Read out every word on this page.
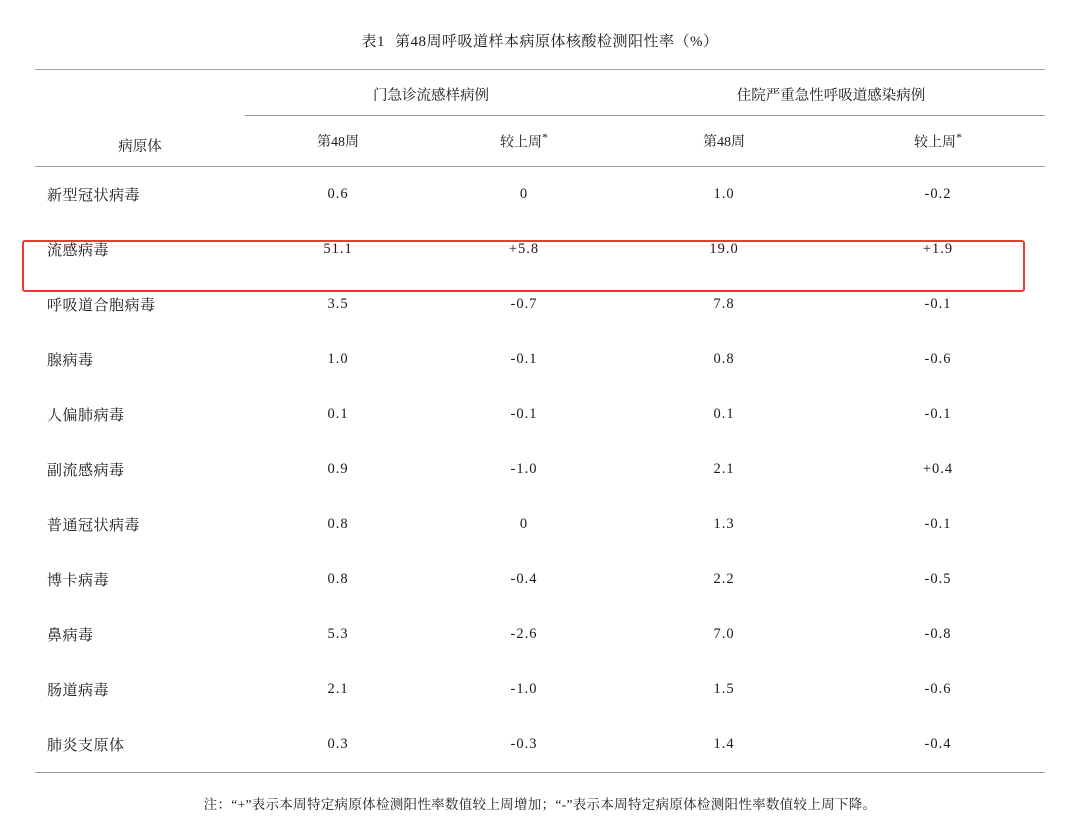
表1 第48周呼吸道样本病原体核酸检测阳性率（%）
病原体	门急诊流感样病例		住院严重急性呼吸道感染病例	
	第48周	较上周*	第48周	较上周*

新型冠状病毒	0.6	0	1.0	-0.2
流感病毒	51.1	+5.8	19.0	+1.9
呼吸道合胞病毒	3.5	-0.7	7.8	-0.1
腺病毒	1.0	-0.1	0.8	-0.6
人偏肺病毒	0.1	-0.1	0.1	-0.1
副流感病毒	0.9	-1.0	2.1	+0.4
普通冠状病毒	0.8	0	1.3	-0.1
博卡病毒	0.8	-0.4	2.2	-0.5
鼻病毒	5.3	-2.6	7.0	-0.8
肠道病毒	2.1	-1.0	1.5	-0.6
肺炎支原体	0.3	-0.3	1.4	-0.4

注：“+”表示本周特定病原体检测阳性率数值较上周增加；“-”表示本周特定病原体检测阳性率数值较上周下降。
